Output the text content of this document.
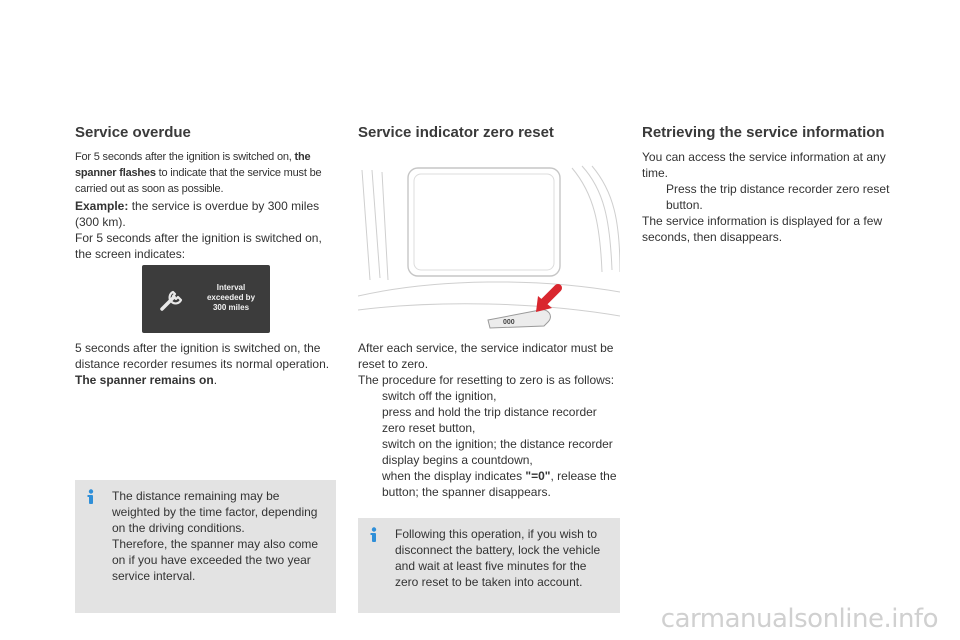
Service overdue

For 5 seconds after the ignition is switched on, the spanner flashes to indicate that the service must be carried out as soon as possible.

Example: the service is overdue by 300 miles (300 km).

For 5 seconds after the ignition is switched on, the screen indicates:

Interval
exceeded by
300 miles

5 seconds after the ignition is switched on, the distance recorder resumes its normal operation. The spanner remains on.

The distance remaining may be weighted by the time factor, depending on the driving conditions.
Therefore, the spanner may also come on if you have exceeded the two year service interval.
Service indicator zero reset
000

After each service, the service indicator must be reset to zero.

The procedure for resetting to zero is as follows:

switch off the ignition,
press and hold the trip distance recorder zero reset button,
switch on the ignition; the distance recorder display begins a countdown,
when the display indicates "=0", release the button; the spanner disappears.
Following this operation, if you wish to disconnect the battery, lock the vehicle and wait at least five minutes for the zero reset to be taken into account.
Retrieving the service information

You can access the service information at any time.

Press the trip distance recorder zero reset button.

The service information is displayed for a few seconds, then disappears.

carmanualsonline.info
